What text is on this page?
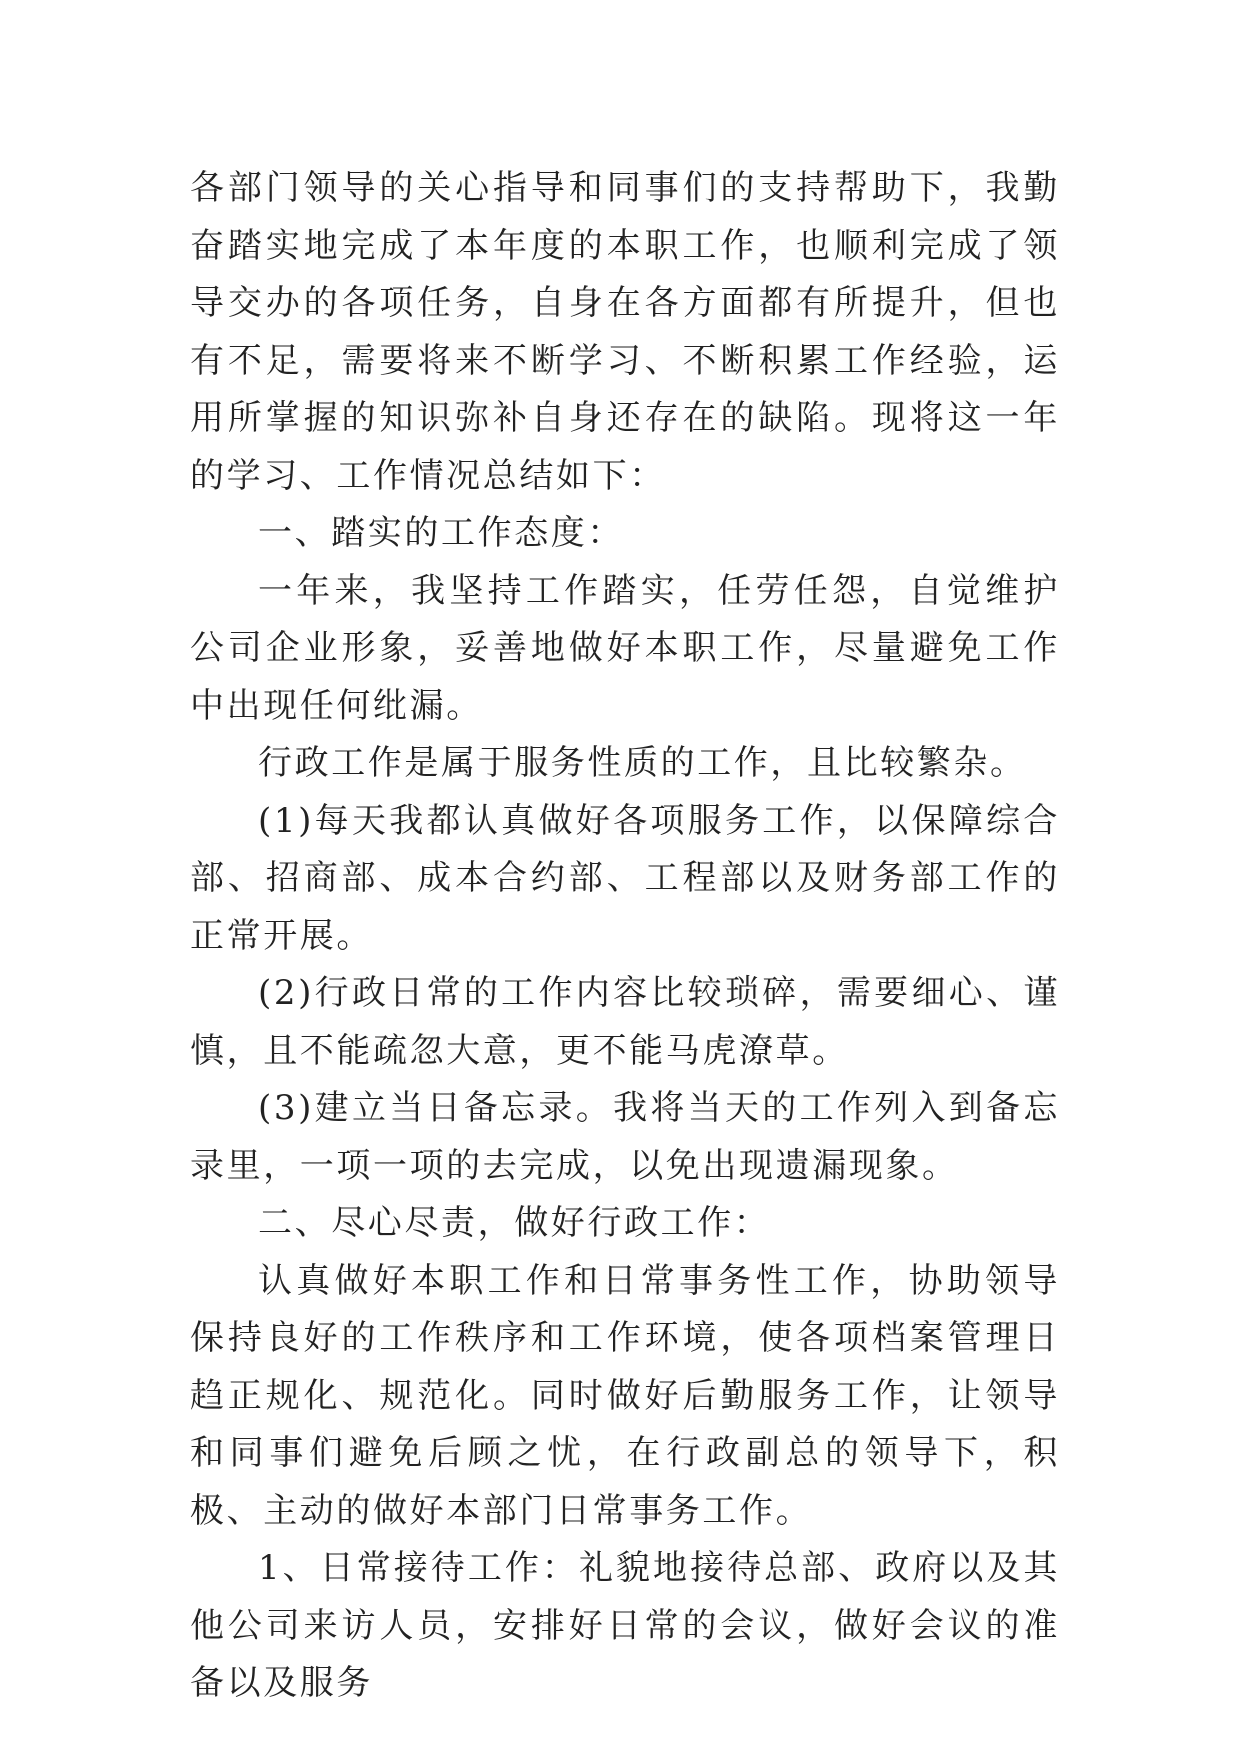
各部门领导的关心指导和同事们的支持帮助下，我勤奋踏实地完成了本年度的本职工作，也顺利完成了领导交办的各项任务，自身在各方面都有所提升，但也有不足，需要将来不断学习、不断积累工作经验，运用所掌握的知识弥补自身还存在的缺陷。现将这一年的学习、工作情况总结如下：

一、踏实的工作态度：

一年来，我坚持工作踏实，任劳任怨，自觉维护公司企业形象，妥善地做好本职工作，尽量避免工作中出现任何纰漏。

行政工作是属于服务性质的工作，且比较繁杂。

(1)每天我都认真做好各项服务工作，以保障综合部、招商部、成本合约部、工程部以及财务部工作的正常开展。

(2)行政日常的工作内容比较琐碎，需要细心、谨慎，且不能疏忽大意，更不能马虎潦草。

(3)建立当日备忘录。我将当天的工作列入到备忘录里，一项一项的去完成，以免出现遗漏现象。

二、尽心尽责，做好行政工作：

认真做好本职工作和日常事务性工作，协助领导保持良好的工作秩序和工作环境，使各项档案管理日趋正规化、规范化。同时做好后勤服务工作，让领导和同事们避免后顾之忧，在行政副总的领导下，积极、主动的做好本部门日常事务工作。

1、日常接待工作：礼貌地接待总部、政府以及其他公司来访人员，安排好日常的会议，做好会议的准备以及服务
